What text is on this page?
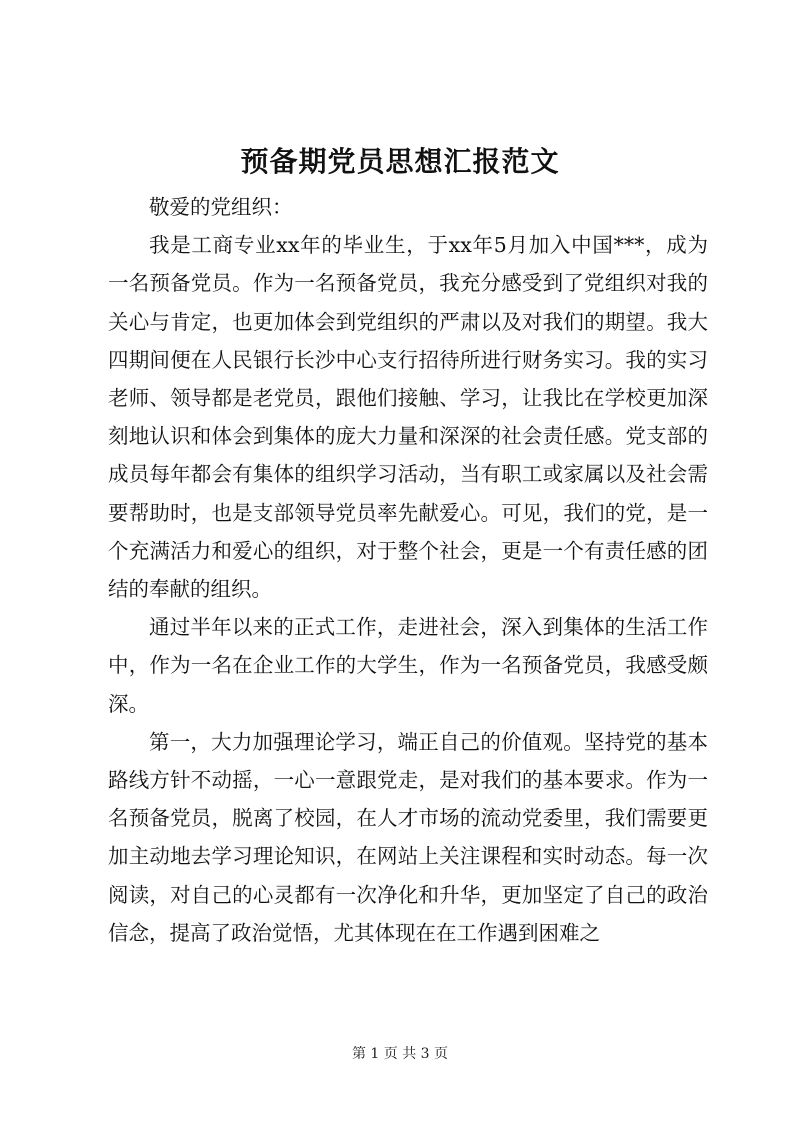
预备期党员思想汇报范文

敬爱的党组织：

我是工商专业xx年的毕业生，于xx年5月加入中国***，成为一名预备党员。作为一名预备党员，我充分感受到了党组织对我的关心与肯定，也更加体会到党组织的严肃以及对我们的期望。我大四期间便在人民银行长沙中心支行招待所进行财务实习。我的实习老师、领导都是老党员，跟他们接触、学习，让我比在学校更加深刻地认识和体会到集体的庞大力量和深深的社会责任感。党支部的成员每年都会有集体的组织学习活动，当有职工或家属以及社会需要帮助时，也是支部领导党员率先献爱心。可见，我们的党，是一个充满活力和爱心的组织，对于整个社会，更是一个有责任感的团结的奉献的组织。

通过半年以来的正式工作，走进社会，深入到集体的生活工作中，作为一名在企业工作的大学生，作为一名预备党员，我感受颇深。

第一，大力加强理论学习，端正自己的价值观。坚持党的基本路线方针不动摇，一心一意跟党走，是对我们的基本要求。作为一名预备党员，脱离了校园，在人才市场的流动党委里，我们需要更加主动地去学习理论知识，在网站上关注课程和实时动态。每一次阅读，对自己的心灵都有一次净化和升华，更加坚定了自己的政治信念，提高了政治觉悟，尤其体现在在工作遇到困难之

第 1 页 共 3 页
